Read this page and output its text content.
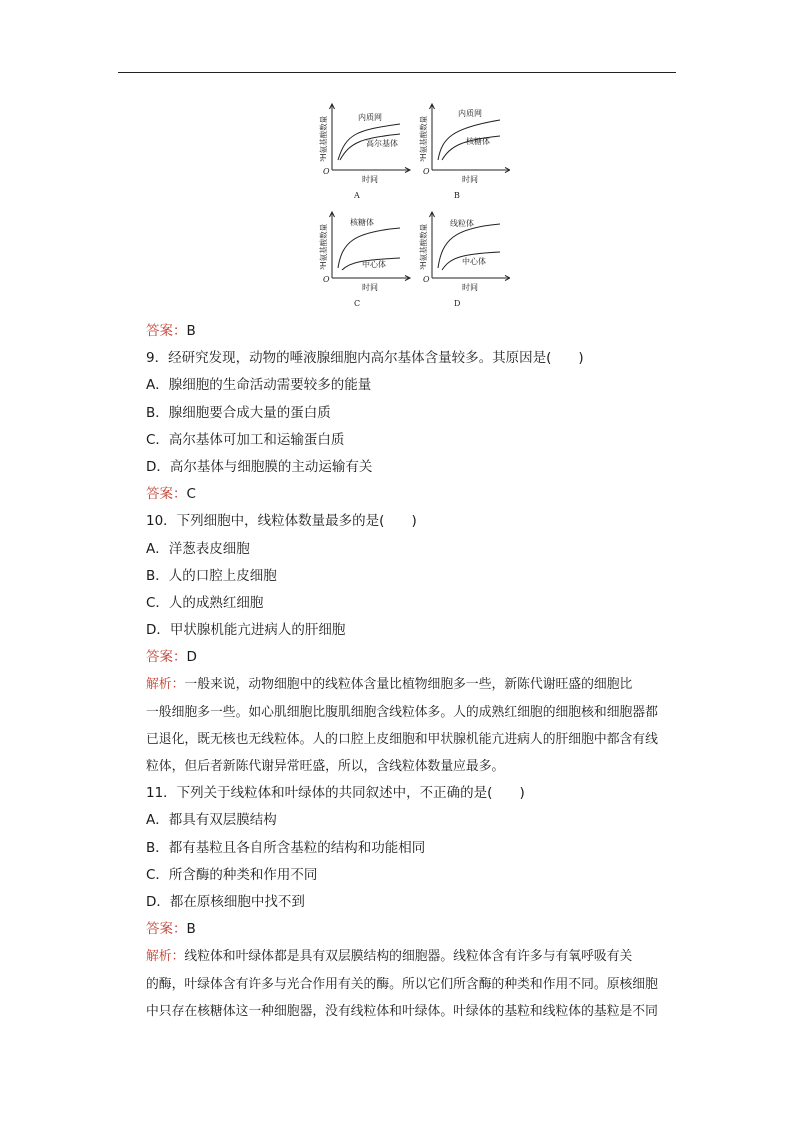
O
³H氨基酸数量
时间
内质网
高尔基体
A
O
³H氨基酸数量
时间
内质网
核糖体
B
O
³H氨基酸数量
时间
核糖体
中心体
C
O
³H氨基酸数量
时间
线粒体
中心体
D
答案：B
9．经研究发现，动物的唾液腺细胞内高尔基体含量较多。其原因是(　　)
A．腺细胞的生命活动需要较多的能量
B．腺细胞要合成大量的蛋白质
C．高尔基体可加工和运输蛋白质
D．高尔基体与细胞膜的主动运输有关
答案：C
10．下列细胞中，线粒体数量最多的是(　　)
A．洋葱表皮细胞
B．人的口腔上皮细胞
C．人的成熟红细胞
D．甲状腺机能亢进病人的肝细胞
答案：D
解析：一般来说，动物细胞中的线粒体含量比植物细胞多一些，新陈代谢旺盛的细胞比
一般细胞多一些。如心肌细胞比腹肌细胞含线粒体多。人的成熟红细胞的细胞核和细胞器都
已退化，既无核也无线粒体。人的口腔上皮细胞和甲状腺机能亢进病人的肝细胞中都含有线
粒体，但后者新陈代谢异常旺盛，所以，含线粒体数量应最多。
11．下列关于线粒体和叶绿体的共同叙述中，不正确的是(　　)
A．都具有双层膜结构
B．都有基粒且各自所含基粒的结构和功能相同
C．所含酶的种类和作用不同
D．都在原核细胞中找不到
答案：B
解析：线粒体和叶绿体都是具有双层膜结构的细胞器。线粒体含有许多与有氧呼吸有关
的酶，叶绿体含有许多与光合作用有关的酶。所以它们所含酶的种类和作用不同。原核细胞
中只存在核糖体这一种细胞器，没有线粒体和叶绿体。叶绿体的基粒和线粒体的基粒是不同
